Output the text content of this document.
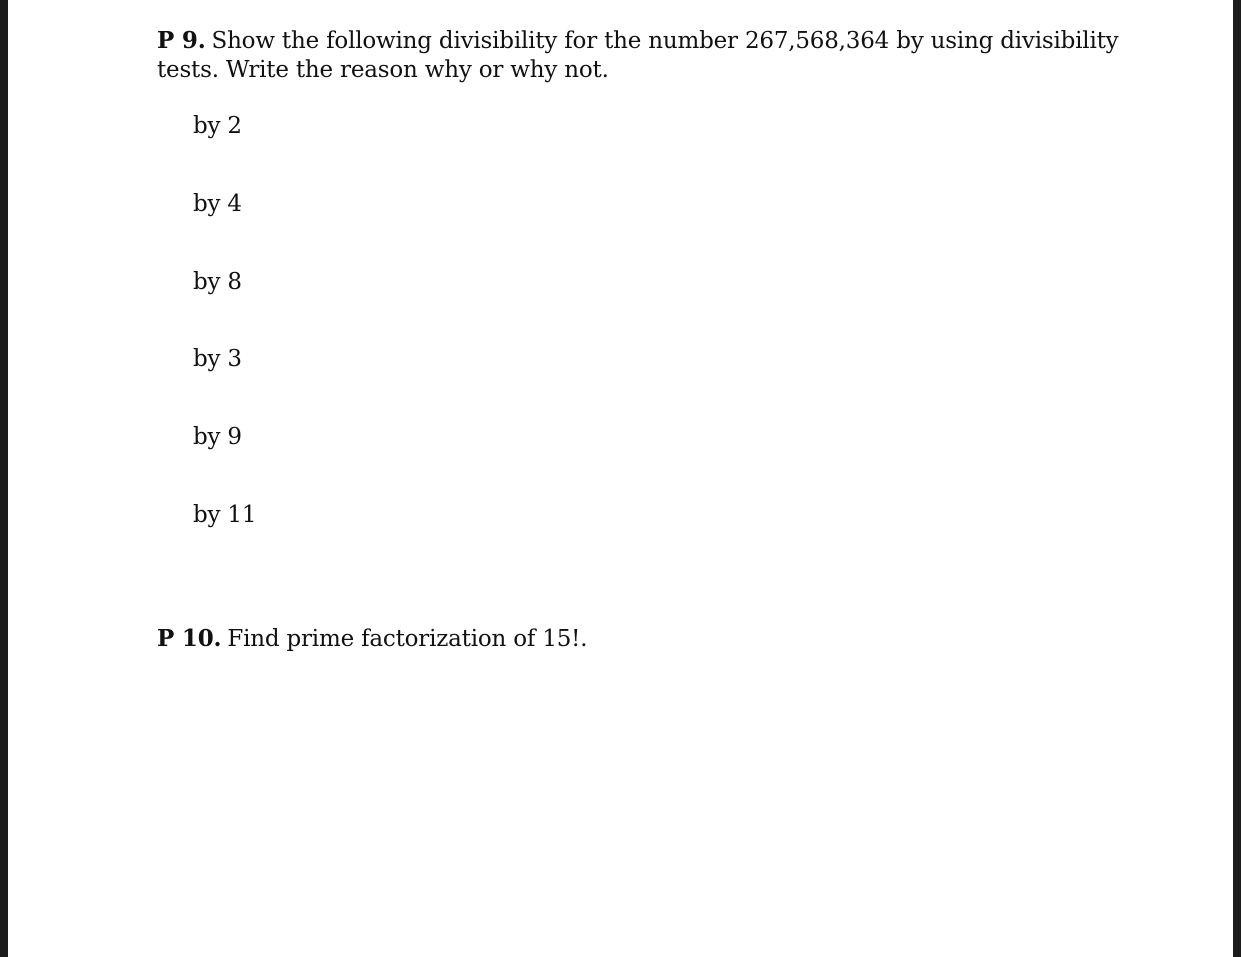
P 9. Show the following divisibility for the number 267,568,364 by using divisibility tests. Write the reason why or why not.

by 2

by 4

by 8

by 3

by 9

by 11

P 10. Find prime factorization of 15!.
